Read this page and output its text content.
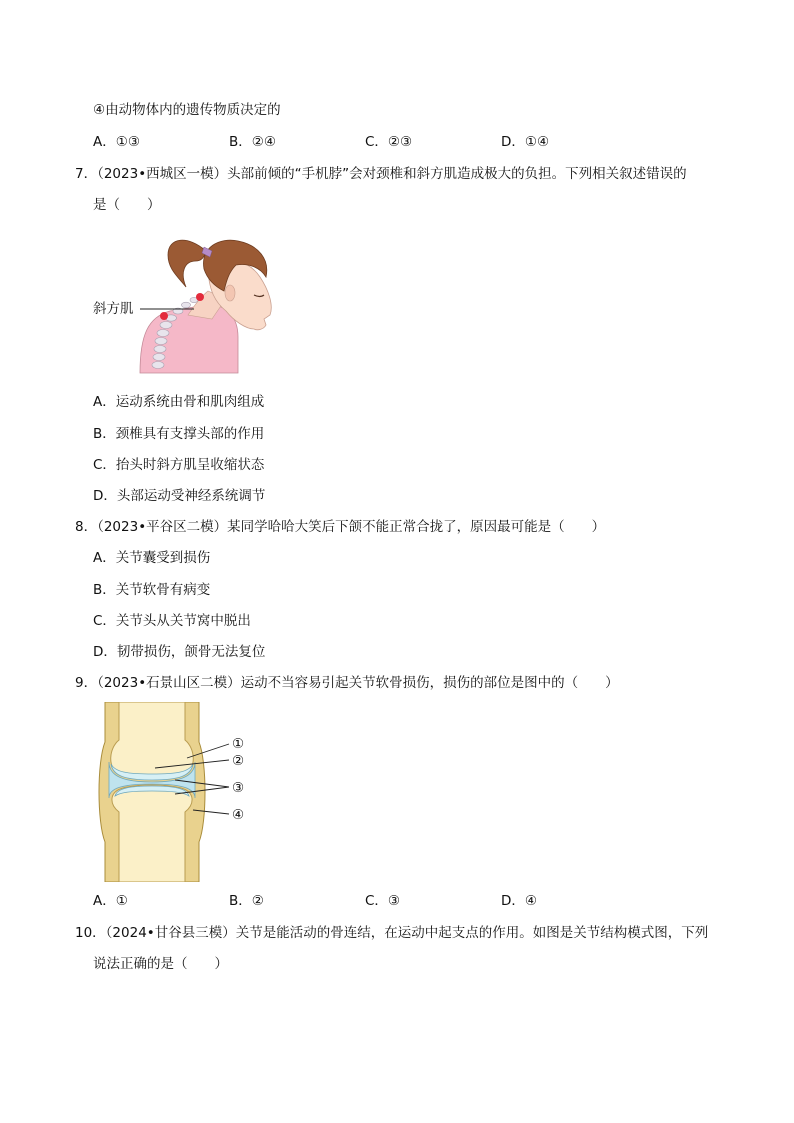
④由动物体内的遗传物质决定的
A．①③	B．②④	C．②③	D．①④
7．（2023•西城区一模）头部前倾的“手机脖”会对颈椎和斜方肌造成极大的负担。下列相关叙述错误的
是（　　）
斜方肌
A．运动系统由骨和肌肉组成
B．颈椎具有支撑头部的作用
C．抬头时斜方肌呈收缩状态
D．头部运动受神经系统调节
8．（2023•平谷区二模）某同学哈哈大笑后下颌不能正常合拢了，原因最可能是（　　）
A．关节囊受到损伤
B．关节软骨有病变
C．关节头从关节窝中脱出
D．韧带损伤，颌骨无法复位
9．（2023•石景山区二模）运动不当容易引起关节软骨损伤，损伤的部位是图中的（　　）
①
②
③
④
A．①	B．②	C．③	D．④
10．（2024•甘谷县三模）关节是能活动的骨连结，在运动中起支点的作用。如图是关节结构模式图，下列
说法正确的是（　　）
